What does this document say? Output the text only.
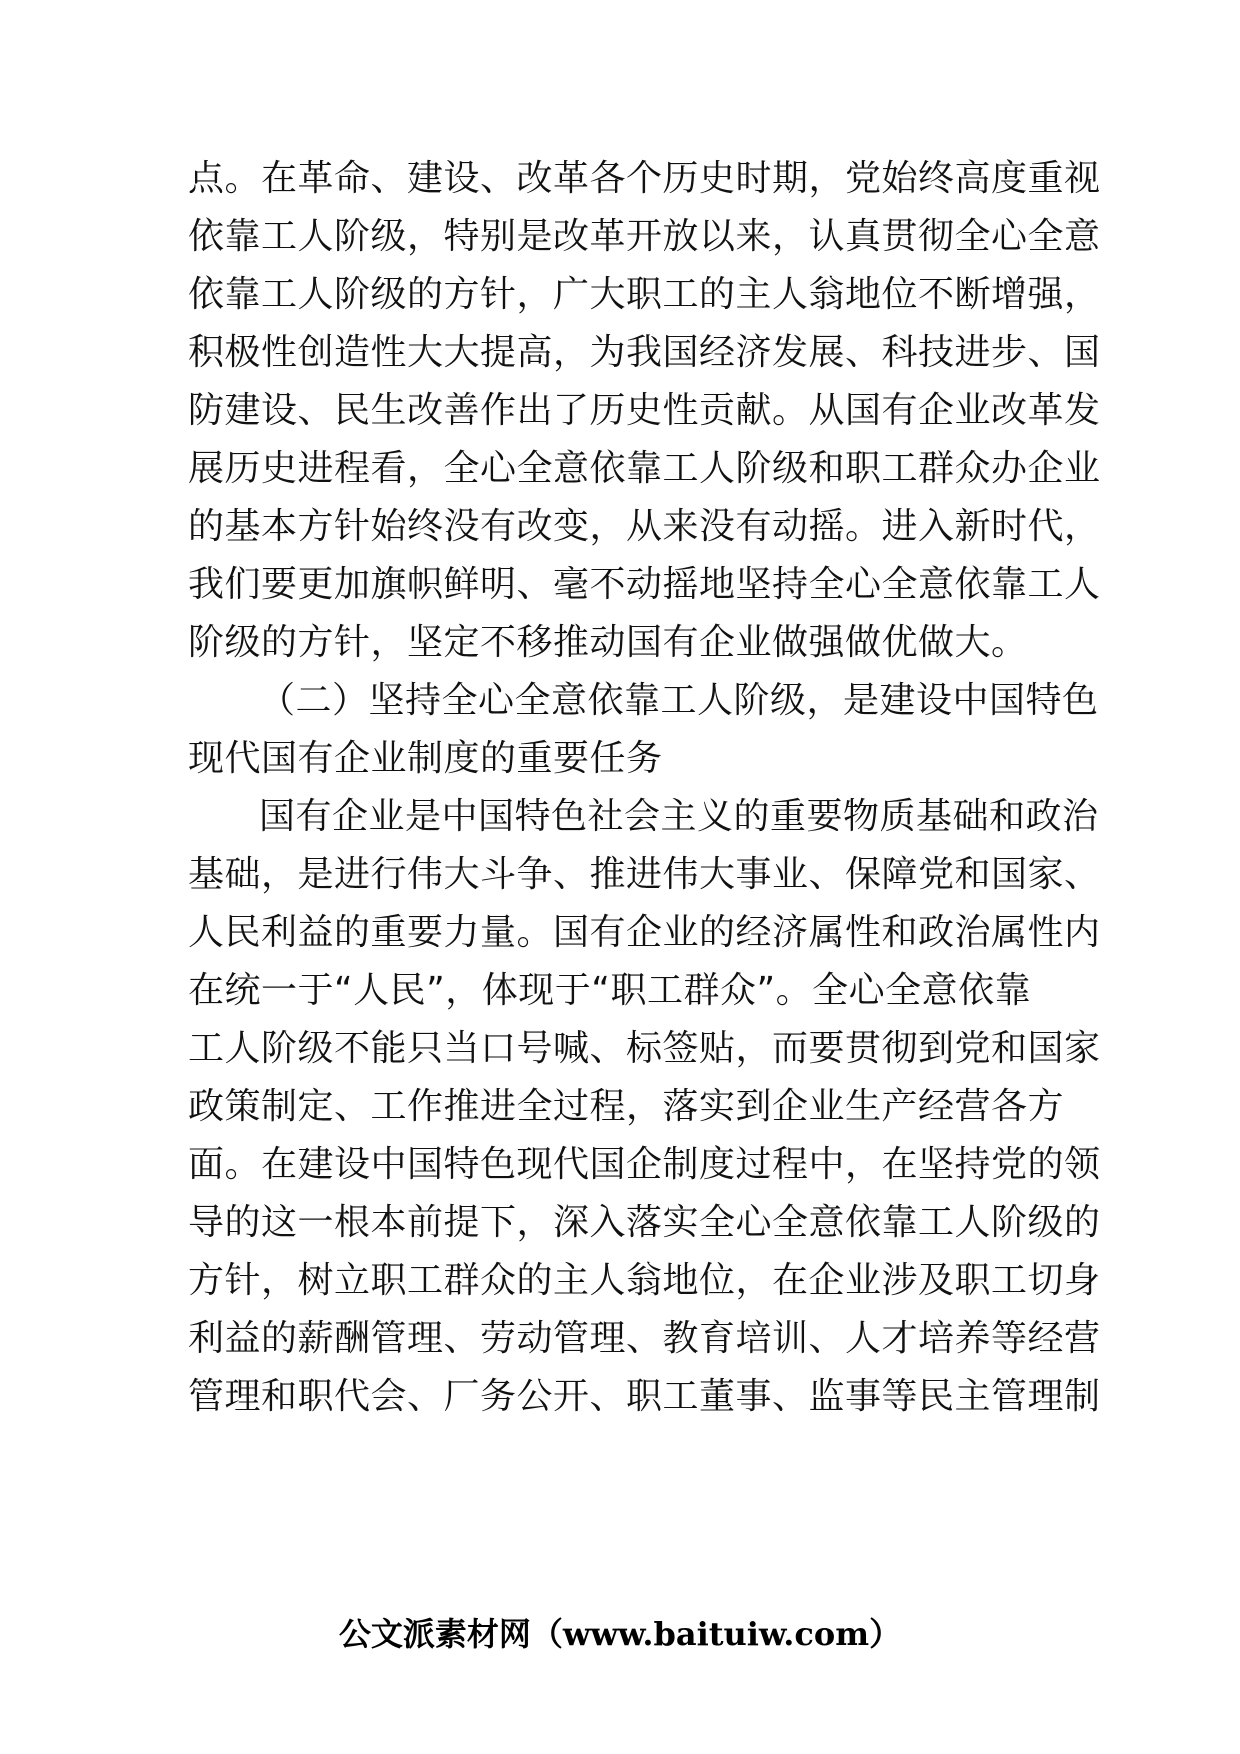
点。在革命、建设、改革各个历史时期，党始终高度重视
依靠工人阶级，特别是改革开放以来，认真贯彻全心全意
依靠工人阶级的方针，广大职工的主人翁地位不断增强，
积极性创造性大大提高，为我国经济发展、科技进步、国
防建设、民生改善作出了历史性贡献。从国有企业改革发
展历史进程看，全心全意依靠工人阶级和职工群众办企业
的基本方针始终没有改变，从来没有动摇。进入新时代，
我们要更加旗帜鲜明、毫不动摇地坚持全心全意依靠工人
阶级的方针，坚定不移推动国有企业做强做优做大。
（二）坚持全心全意依靠工人阶级，是建设中国特色
现代国有企业制度的重要任务
国有企业是中国特色社会主义的重要物质基础和政治
基础，是进行伟大斗争、推进伟大事业、保障党和国家、
人民利益的重要力量。国有企业的经济属性和政治属性内
在统一于“人民”，体现于“职工群众”。全心全意依靠
工人阶级不能只当口号喊、标签贴，而要贯彻到党和国家
政策制定、工作推进全过程，落实到企业生产经营各方
面。在建设中国特色现代国企制度过程中，在坚持党的领
导的这一根本前提下，深入落实全心全意依靠工人阶级的
方针，树立职工群众的主人翁地位，在企业涉及职工切身
利益的薪酬管理、劳动管理、教育培训、人才培养等经营
管理和职代会、厂务公开、职工董事、监事等民主管理制
公文派素材网（www.baituiw.com）
